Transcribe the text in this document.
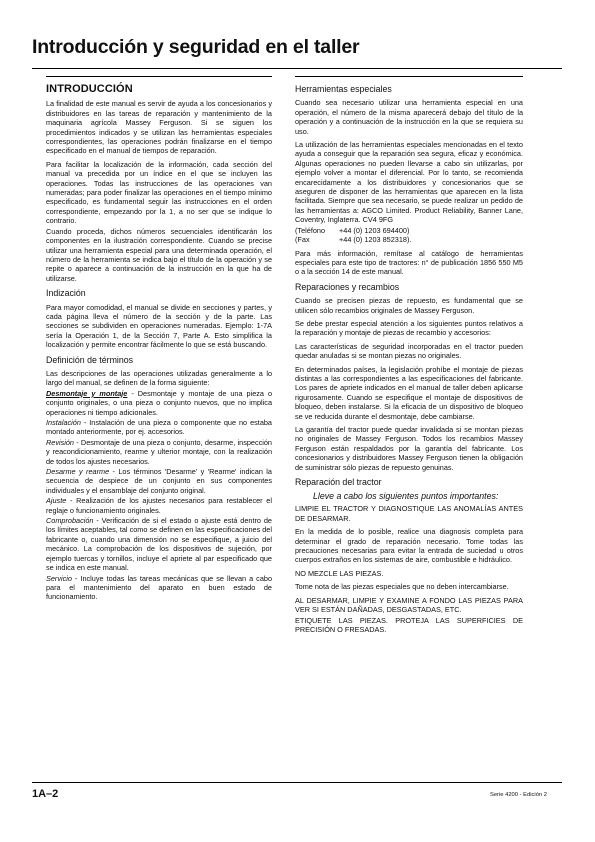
Introducción y seguridad en el taller
INTRODUCCIÓN

La finalidad de este manual es servir de ayuda a los concesionarios y distribuidores en las tareas de reparación y mantenimiento de la maquinaria agrícola Massey Ferguson. Si se siguen los procedimientos indicados y se utilizan las herramientas especiales correspondientes, las operaciones podrán finalizarse en el tiempo especificado en el manual de tiempos de reparación.

Para facilitar la localización de la información, cada sección del manual va precedida por un índice en el que se incluyen las operaciones. Todas las instrucciones de las operaciones van numeradas; para poder finalizar las operaciones en el tiempo mínimo especificado, es fundamental seguir las instrucciones en el orden correspondiente, empezando por la 1, a no ser que se indique lo contrario.

Cuando proceda, dichos números secuenciales identificarán los componentes en la ilustración correspondiente. Cuando se precise utilizar una herramienta especial para una determinada operación, el número de la herramienta se indica bajo el título de la operación y se repite o aparece a continuación de la instrucción en la que ha de utilizarse.

Indización

Para mayor comodidad, el manual se divide en secciones y partes, y cada página lleva el número de la sección y de la parte. Las secciones se subdividen en operaciones numeradas. Ejemplo: 1-7A sería la Operación 1, de la Sección 7, Parte A. Esto simplifica la localización y permite encontrar fácilmente lo que se está buscando.

Definición de términos

Las descripciones de las operaciones utilizadas generalmente a lo largo del manual, se definen de la forma siguiente:

Desmontaje y montaje - Desmontaje y montaje de una pieza o conjunto originales, o una pieza o conjunto nuevos, que no implica operaciones ni tiempo adicionales.

Instalación - Instalación de una pieza o componente que no estaba montado anteriormente, por ej. accesorios.

Revisión - Desmontaje de una pieza o conjunto, desarme, inspección y reacondicionamiento, rearme y ulterior montaje, con la realización de todos los ajustes necesarios.

Desarme y rearme - Los términos 'Desarme' y 'Rearme' indican la secuencia de despiece de un conjunto en sus componentes individuales y el ensamblaje del conjunto original.

Ajuste - Realización de los ajustes necesarios para restablecer el reglaje o funcionamiento originales.

Comprobación - Verificación de si el estado o ajuste está dentro de los límites aceptables, tal como se definen en las especificaciones del fabricante o, cuando una dimensión no se especifique, a juicio del mecánico. La comprobación de los dispositivos de sujeción, por ejemplo tuercas y tornillos, incluye el apriete al par especificado que se indica en este manual.

Servicio - Incluye todas las tareas mecánicas que se llevan a cabo para el mantenimiento del aparato en buen estado de funcionamiento.

Herramientas especiales

Cuando sea necesario utilizar una herramienta especial en una operación, el número de la misma aparecerá debajo del título de la operación y a continuación de la instrucción en la que se requiera su uso.

La utilización de las herramientas especiales mencionadas en el texto ayuda a conseguir que la reparación sea segura, eficaz y económica. Algunas operaciones no pueden llevarse a cabo sin utilizarlas, por ejemplo volver a montar el diferencial. Por lo tanto, se recomienda encarecidamente a los distribuidores y concesionarios que se aseguren de disponer de las herramientas que aparecen en la lista facilitada. Siempre que sea necesario, se puede realizar un pedido de las herramientas a: AGCO Limited. Product Reliability, Banner Lane, Coventry, Inglaterra. CV4 9FG

(Teléfono	+44 (0) 1203 694400)
(Fax	+44 (0) 1203 852318).

Para más información, remítase al catálogo de herramientas especiales para este tipo de tractores: n° de publicación 1856 550 M5 o a la sección 14 de este manual.

Reparaciones y recambios

Cuando se precisen piezas de repuesto, es fundamental que se utilicen sólo recambios originales de Massey Ferguson.

Se debe prestar especial atención a los siguientes puntos relativos a la reparación y montaje de piezas de recambio y accesorios:

Las características de seguridad incorporadas en el tractor pueden quedar anuladas si se montan piezas no originales.

En determinados países, la legislación prohíbe el montaje de piezas distintas a las correspondientes a las especificaciones del fabricante. Los pares de apriete indicados en el manual de taller deben aplicarse rigurosamente. Cuando se especifique el montaje de dispositivos de bloqueo, deben instalarse. Si la eficacia de un dispositivo de bloqueo se ve reducida durante el desmontaje, debe cambiarse.

La garantía del tractor puede quedar invalidada si se montan piezas no originales de Massey Ferguson. Todos los recambios Massey Ferguson están respaldados por la garantía del fabricante. Los concesionarios y distribuidores Massey Ferguson tienen la obligación de suministrar sólo piezas de repuesto genuinas.

Reparación del tractor
Lleve a cabo los siguientes puntos importantes:

LIMPIE EL TRACTOR Y DIAGNOSTIQUE LAS ANOMALÍAS ANTES DE DESARMAR.

En la medida de lo posible, realice una diagnosis completa para determinar el grado de reparación necesario. Tome todas las precauciones necesarias para evitar la entrada de suciedad u otros cuerpos extraños en los sistemas de aire, combustible e hidráulico.

NO MEZCLE LAS PIEZAS.

Tome nota de las piezas especiales que no deben intercambiarse.

AL DESARMAR, LIMPIE Y EXAMINE A FONDO LAS PIEZAS PARA VER SI ESTÁN DAÑADAS, DESGASTADAS, ETC.

ETIQUETE LAS PIEZAS. PROTEJA LAS SUPERFICIES DE PRECISIÓN O FRESADAS.

1A–2	Serie 4200 - Edición 2
